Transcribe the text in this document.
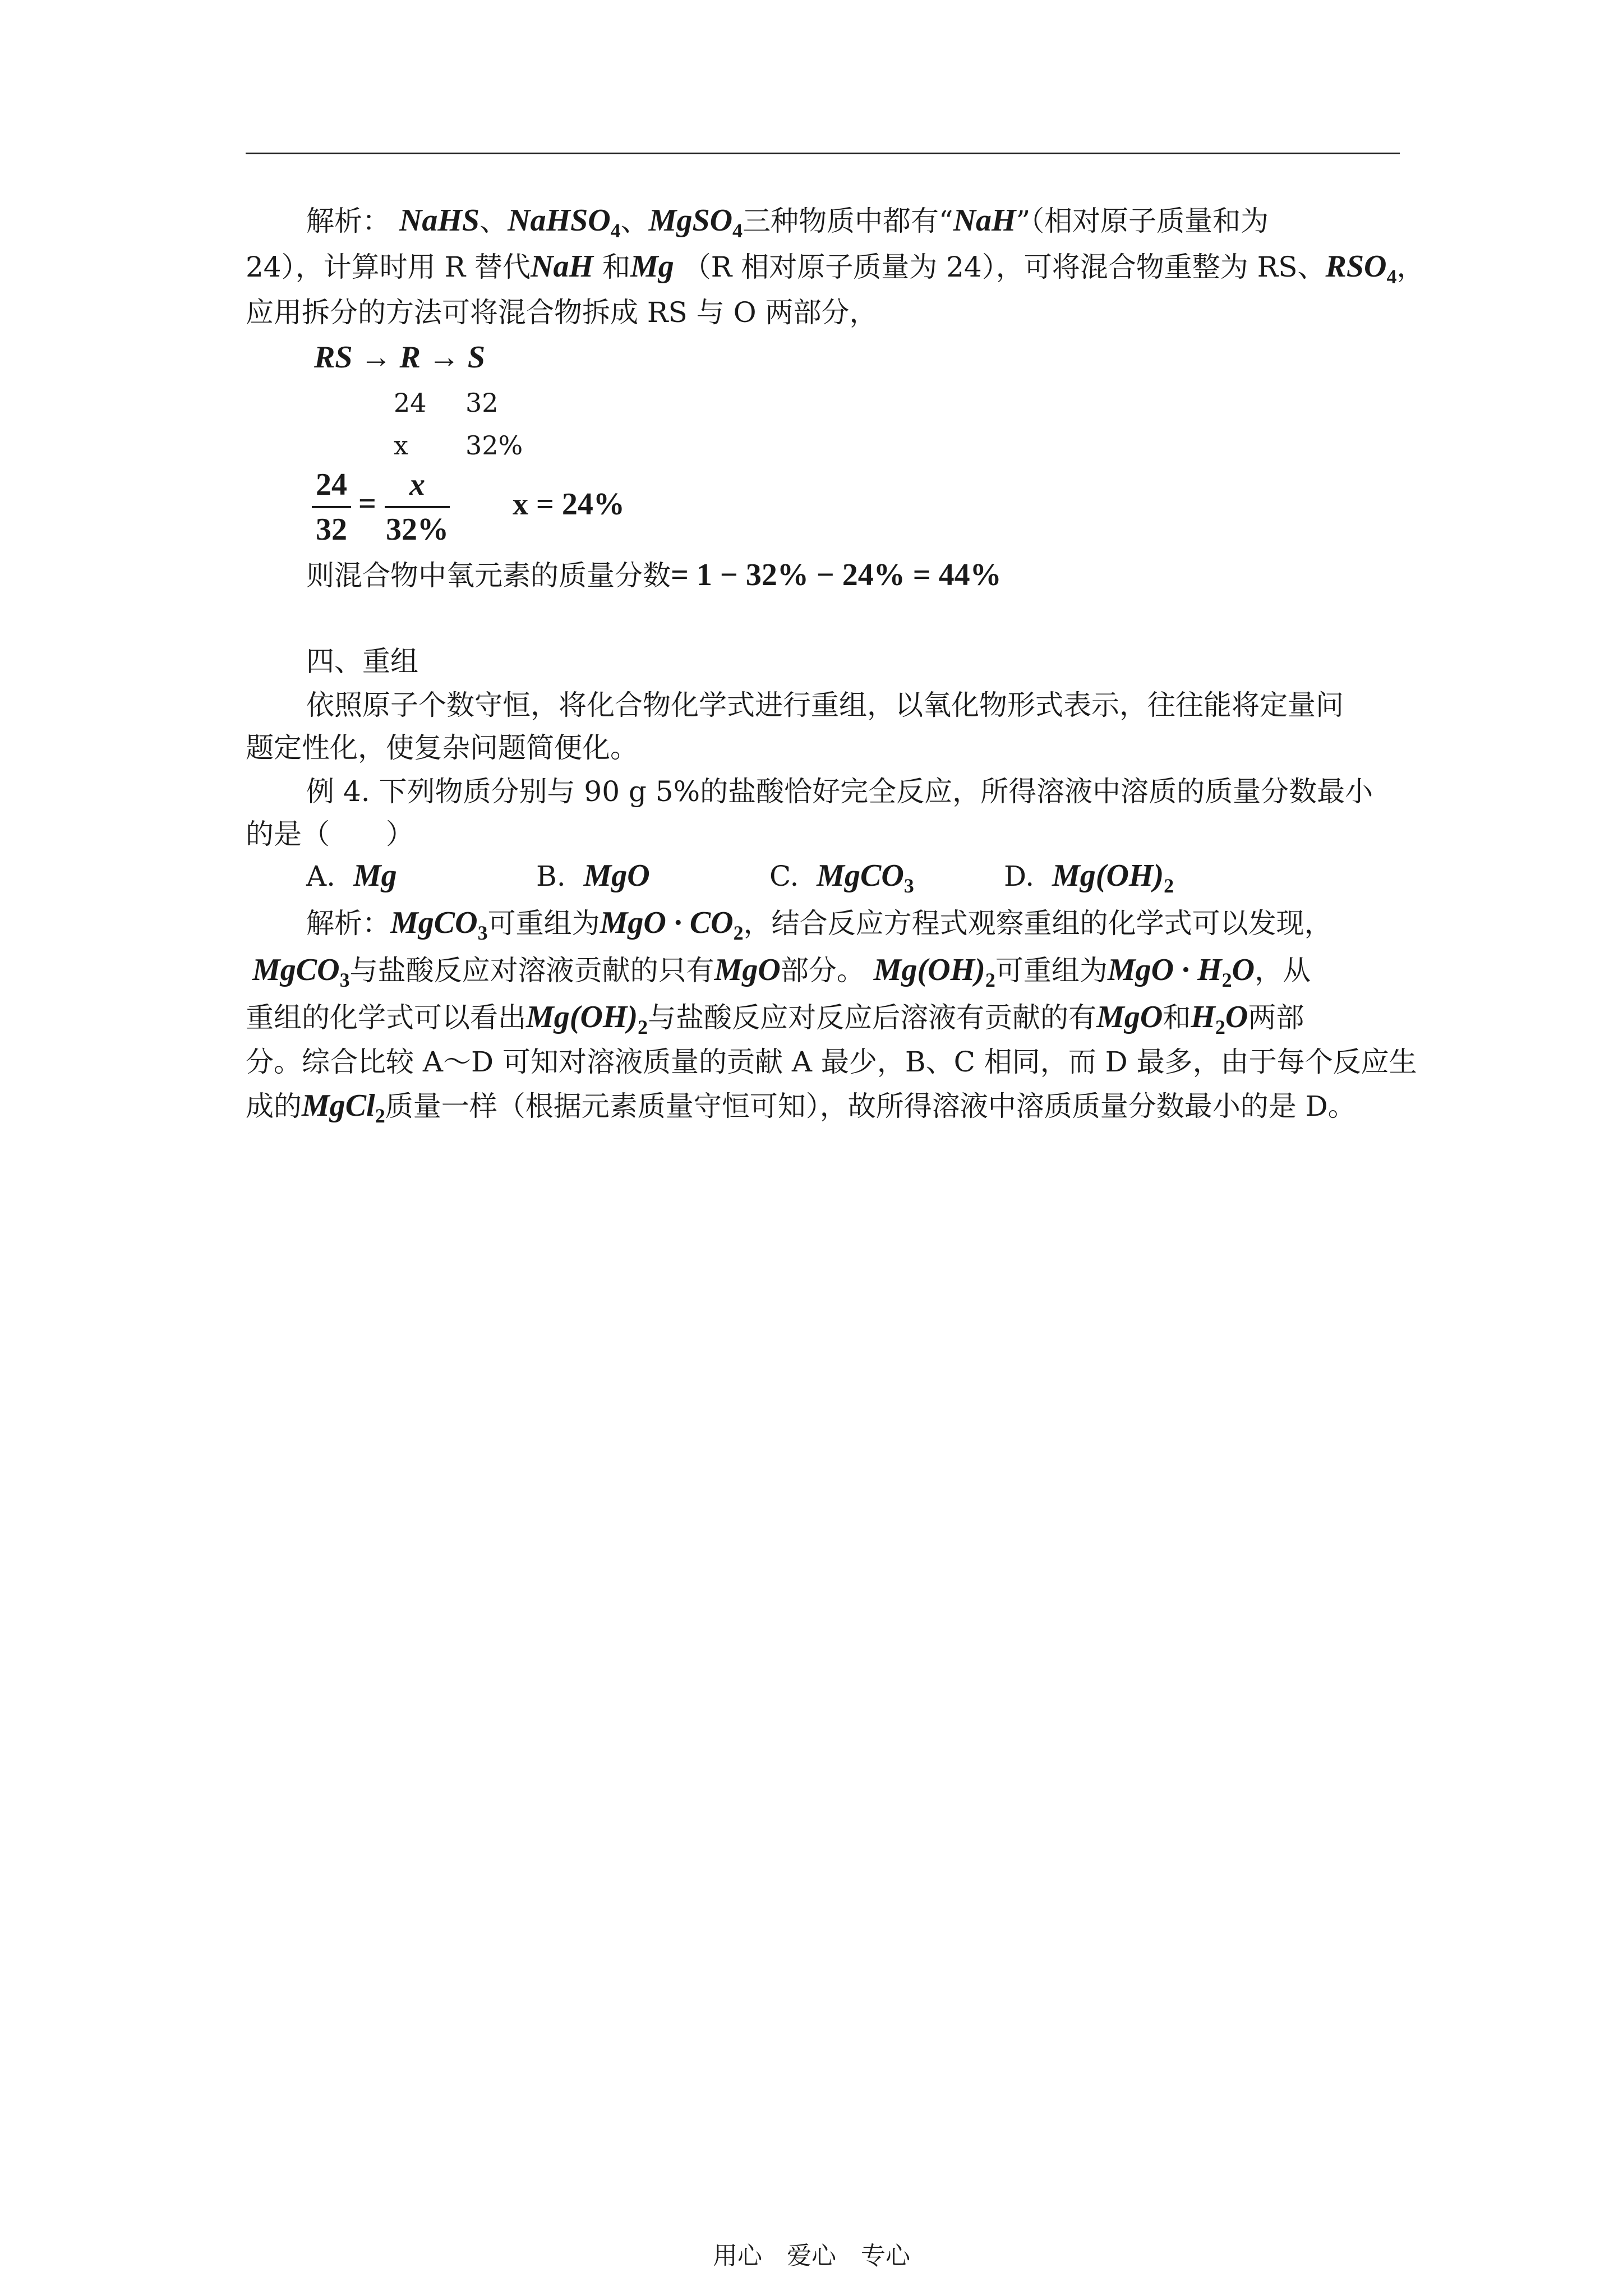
解析： NaHS、NaHSO$_4$、MgSO$_4$三种物质中都有“NaH”（相对原子质量和为
24），计算时用 R 替代NaH 和Mg （R 相对原子质量为 24），可将混合物重整为 RS、$RSO_4$，
应用拆分的方法可将混合物拆成 RS 与 O 两部分，
RS → R → S
24 32
x 32%
24
32
=
x
32%
x = 24%
则混合物中氧元素的质量分数= 1 − 32% − 24% = 44%
四、重组
依照原子个数守恒，将化合物化学式进行重组，以氧化物形式表示，往往能将定量问
题定性化，使复杂问题简便化。
例 4. 下列物质分别与 90 g 5%的盐酸恰好完全反应，所得溶液中溶质的质量分数最小
的是（　　）
A. Mg	B. MgO	C. MgCO$_3$	D. $Mg(OH)_2$
解析：MgCO$_3$可重组为MgO · $CO_2$，结合反应方程式观察重组的化学式可以发现，
MgCO$_3$与盐酸反应对溶液贡献的只有MgO部分。 $Mg(OH)_2$可重组为MgO · $H_2O$，从
重组的化学式可以看出$Mg(OH)_2$与盐酸反应对反应后溶液有贡献的有MgO和$H_2O$两部
分。综合比较 A～D 可知对溶液质量的贡献 A 最少，B、C 相同，而 D 最多，由于每个反应生
成的MgCl$_2$质量一样（根据元素质量守恒可知），故所得溶液中溶质质量分数最小的是 D。
用心　爱心　专心
